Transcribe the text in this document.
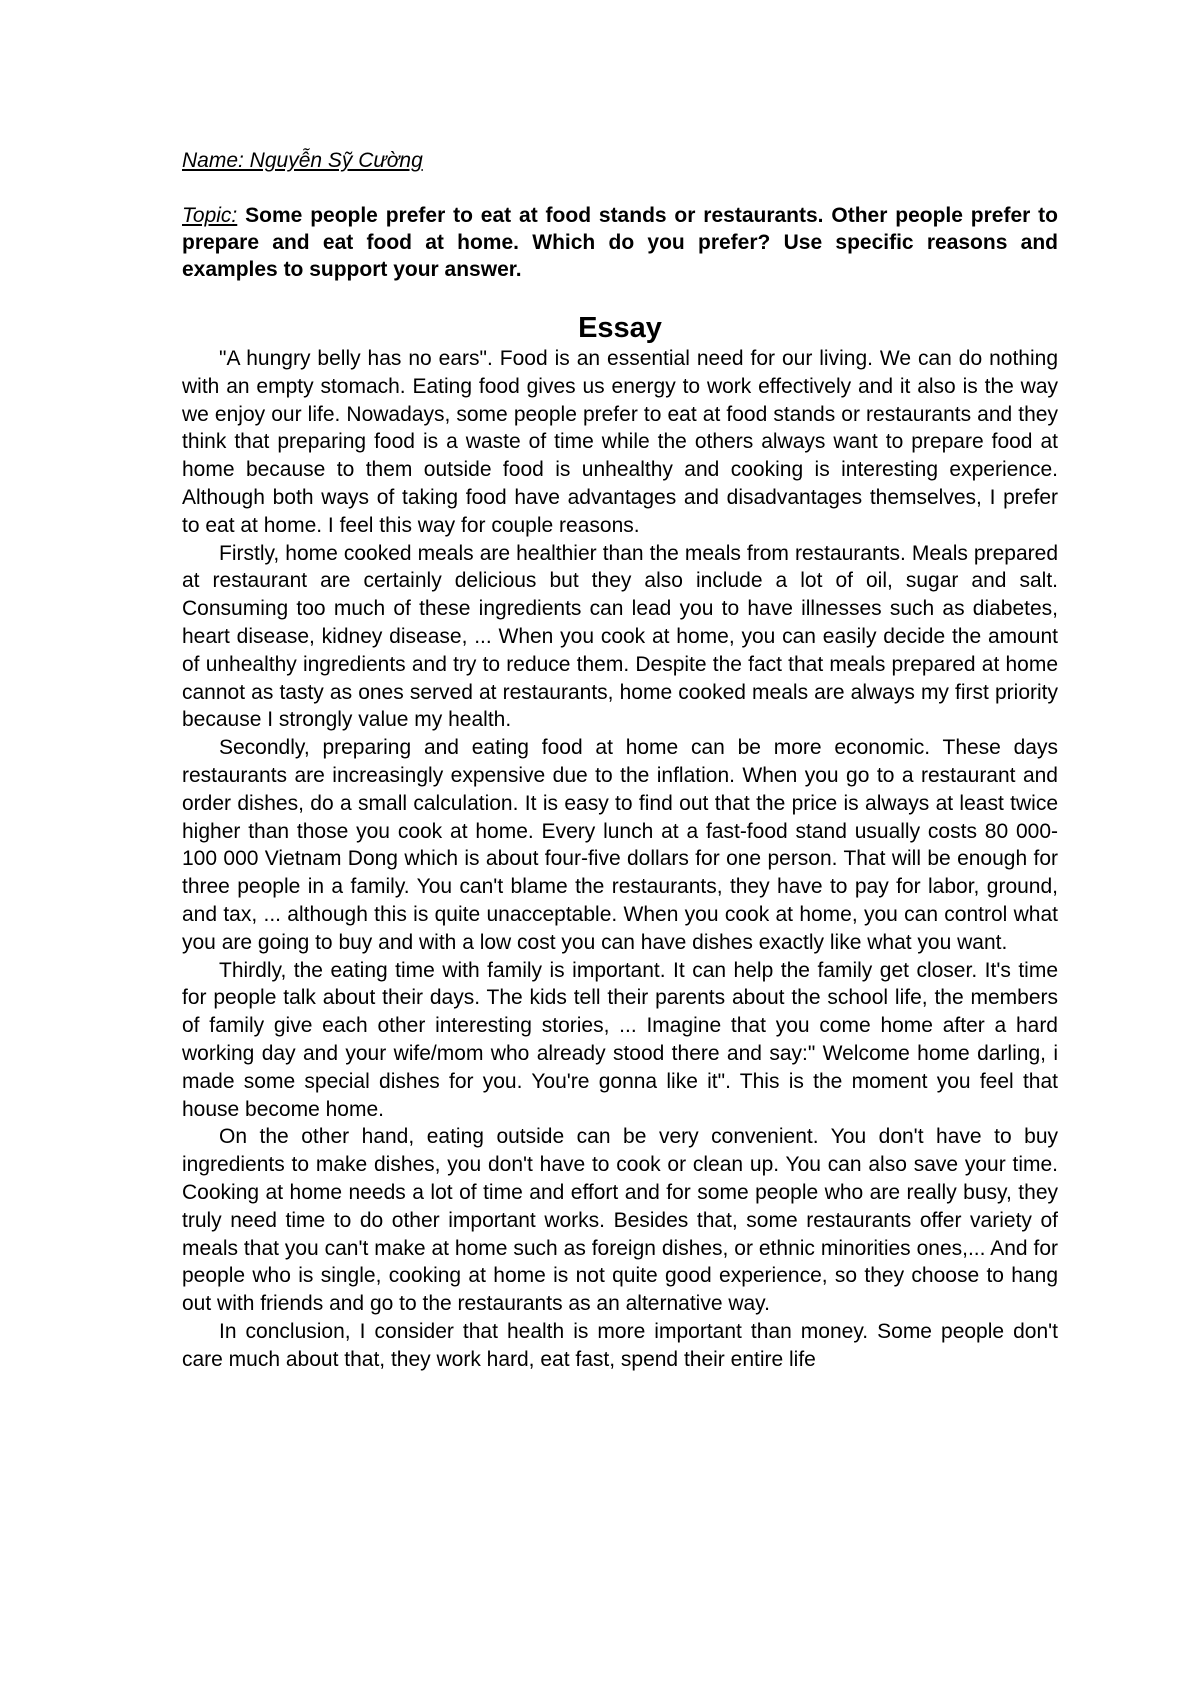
Name: Nguyễn Sỹ Cường

Topic: Some people prefer to eat at food stands or restaurants. Other people prefer to prepare and eat food at home. Which do you prefer? Use specific reasons and examples to support your answer.
Essay

"A hungry belly has no ears". Food is an essential need for our living. We can do nothing with an empty stomach. Eating food gives us energy to work effectively and it also is the way we enjoy our life. Nowadays, some people prefer to eat at food stands or restaurants and they think that preparing food is a waste of time while the others always want to prepare food at home because to them outside food is unhealthy and cooking is interesting experience. Although both ways of taking food have advantages and disadvantages themselves, I prefer to eat at home. I feel this way for couple reasons.

Firstly, home cooked meals are healthier than the meals from restaurants. Meals prepared at restaurant are certainly delicious but they also include a lot of oil, sugar and salt. Consuming too much of these ingredients can lead you to have illnesses such as diabetes, heart disease, kidney disease, ... When you cook at home, you can easily decide the amount of unhealthy ingredients and try to reduce them. Despite the fact that meals prepared at home cannot as tasty as ones served at restaurants, home cooked meals are always my first priority because I strongly value my health.

Secondly, preparing and eating food at home can be more economic. These days restaurants are increasingly expensive due to the inflation. When you go to a restaurant and order dishes, do a small calculation. It is easy to find out that the price is always at least twice higher than those you cook at home. Every lunch at a fast-food stand usually costs 80 000-100 000 Vietnam Dong which is about four-five dollars for one person. That will be enough for three people in a family. You can't blame the restaurants, they have to pay for labor, ground, and tax, ... although this is quite unacceptable. When you cook at home, you can control what you are going to buy and with a low cost you can have dishes exactly like what you want.

Thirdly, the eating time with family is important. It can help the family get closer. It's time for people talk about their days. The kids tell their parents about the school life, the members of family give each other interesting stories, ... Imagine that you come home after a hard working day and your wife/mom who already stood there and say:" Welcome home darling, i made some special dishes for you. You're gonna like it". This is the moment you feel that house become home.

On the other hand, eating outside can be very convenient. You don't have to buy ingredients to make dishes, you don't have to cook or clean up. You can also save your time. Cooking at home needs a lot of time and effort and for some people who are really busy, they truly need time to do other important works. Besides that, some restaurants offer variety of meals that you can't make at home such as foreign dishes, or ethnic minorities ones,... And for people who is single, cooking at home is not quite good experience, so they choose to hang out with friends and go to the restaurants as an alternative way.

In conclusion, I consider that health is more important than money. Some people don't care much about that, they work hard, eat fast, spend their entire life
